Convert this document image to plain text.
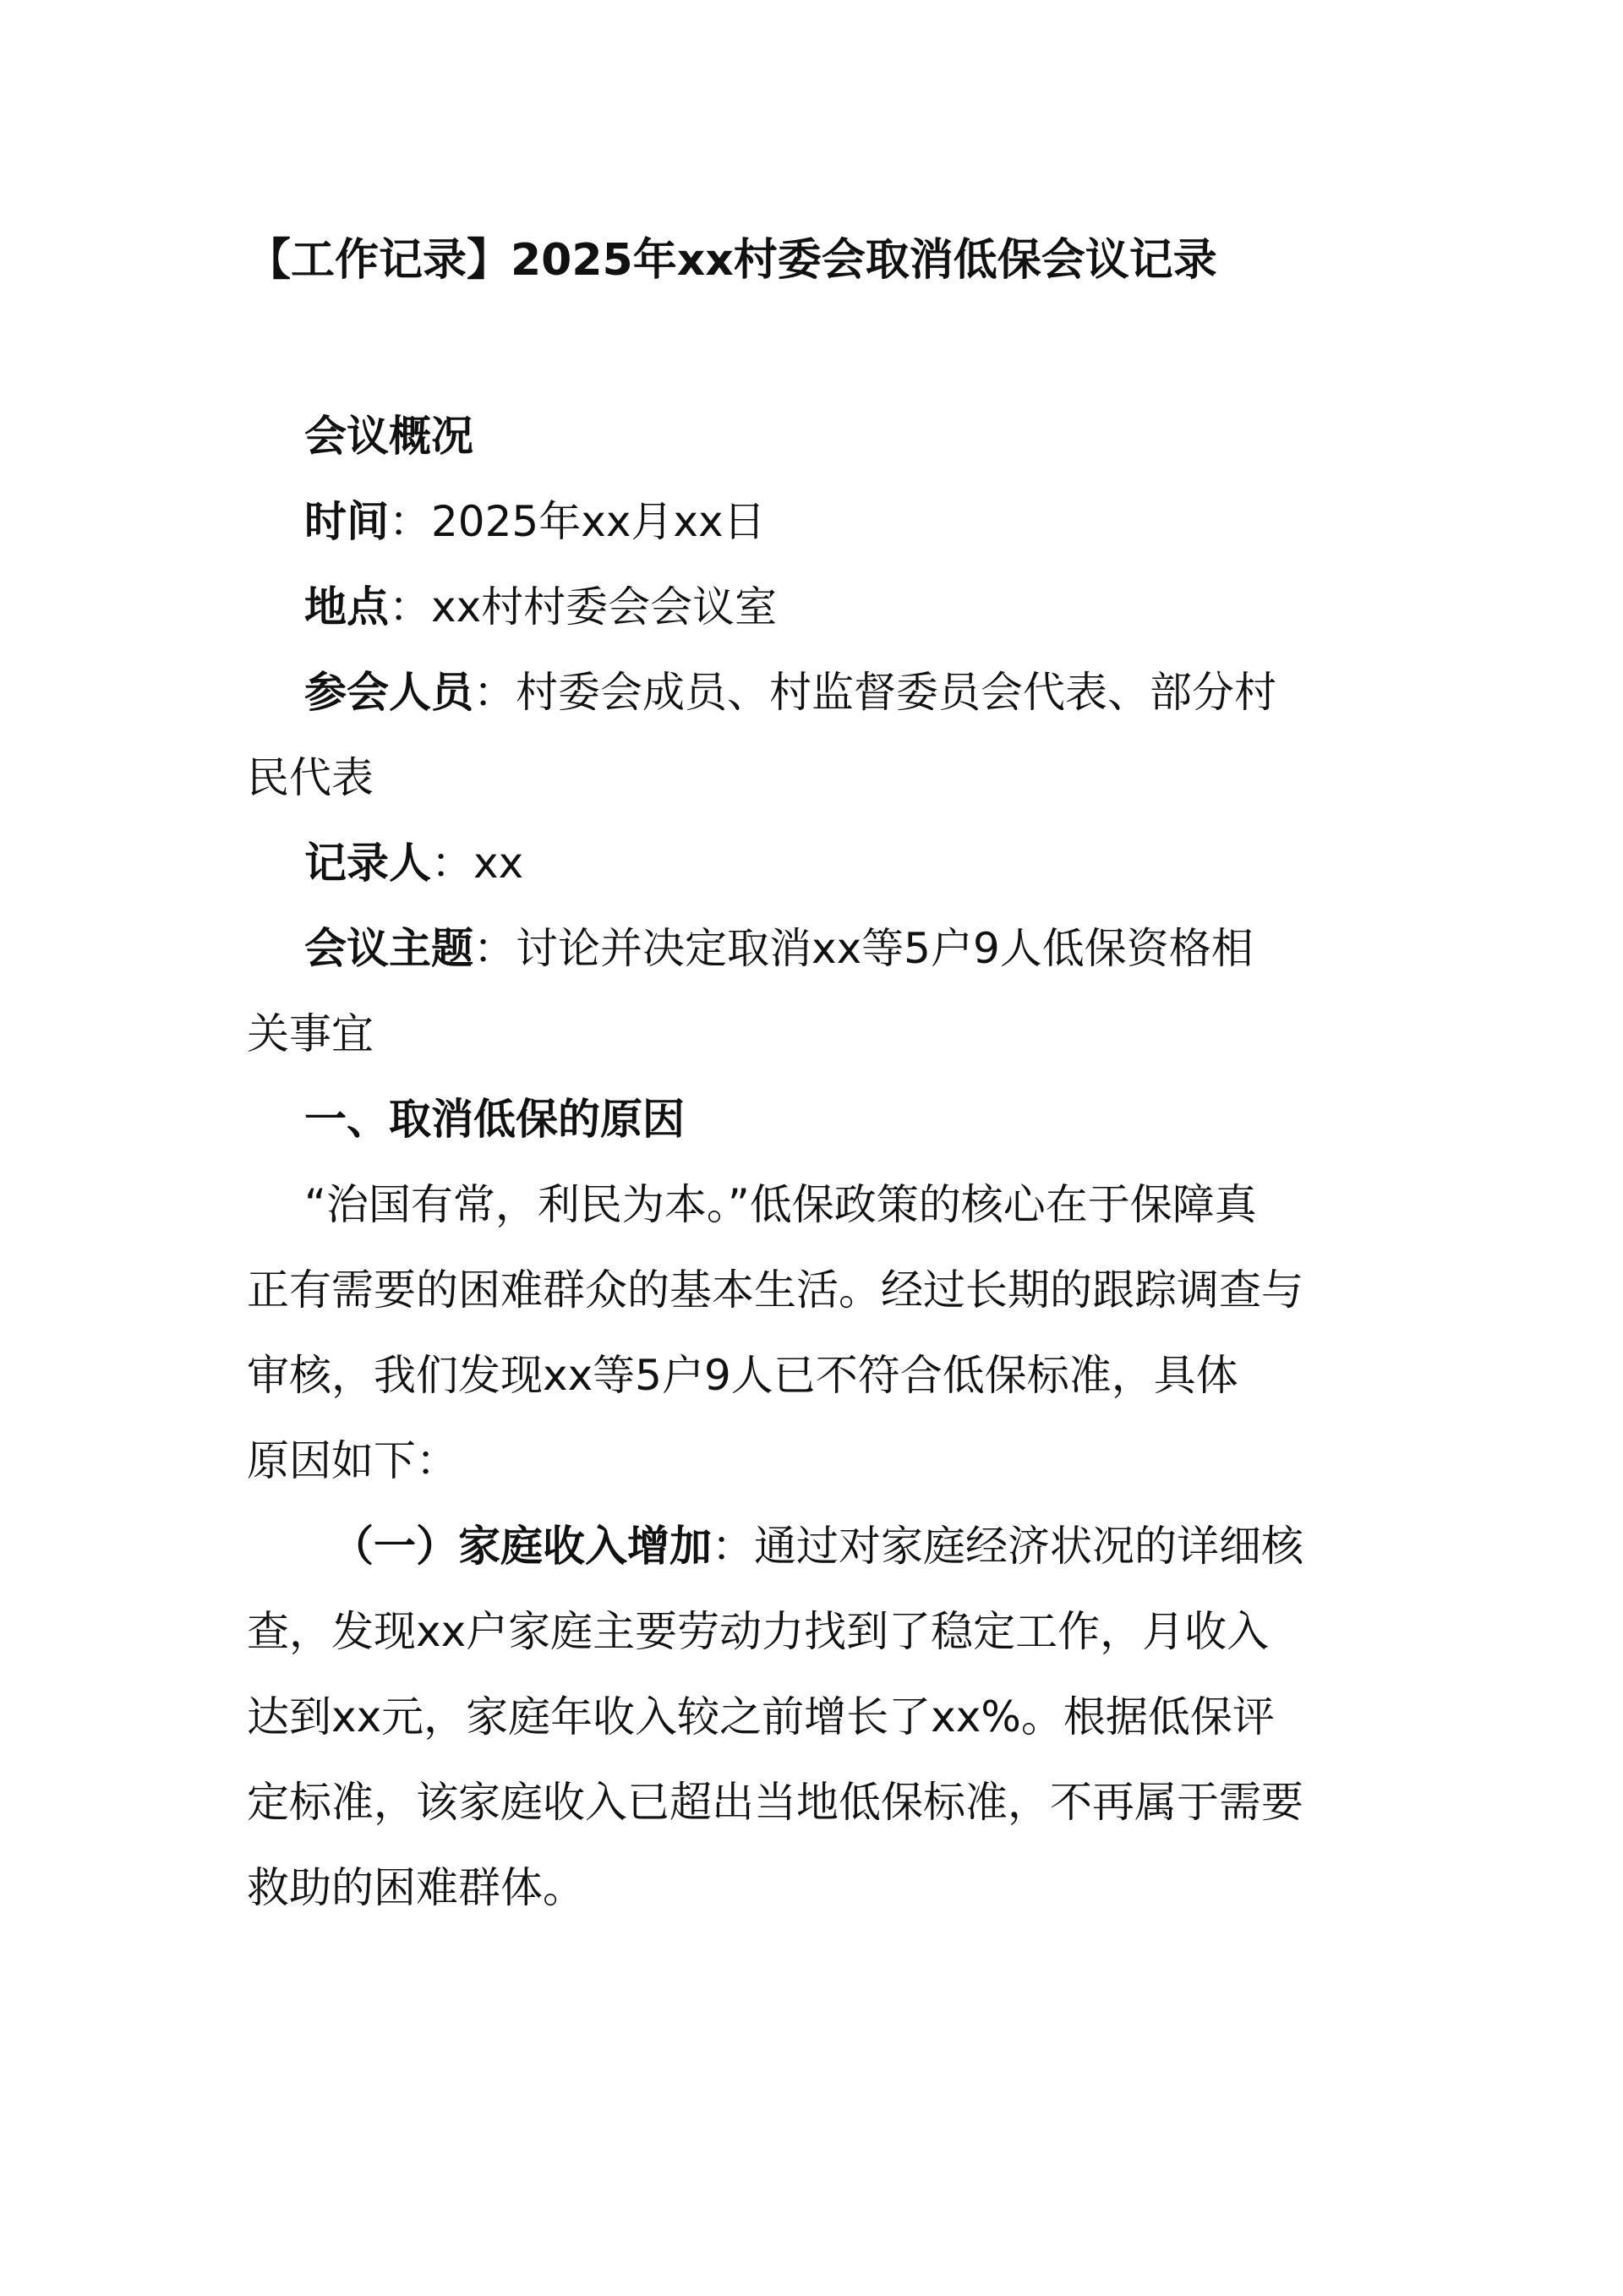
【工作记录】2025年xx村委会取消低保会议记录
会议概况
时间：2025年xx月xx日
地点：xx村村委会会议室
参会人员：村委会成员、村监督委员会代表、部分村
民代表
记录人：xx
会议主题：讨论并决定取消xx等5户9人低保资格相
关事宜
一、取消低保的原因
“治国有常，利民为本。”低保政策的核心在于保障真
正有需要的困难群众的基本生活。经过长期的跟踪调查与
审核，我们发现xx等5户9人已不符合低保标准，具体
原因如下：
（一）家庭收入增加：通过对家庭经济状况的详细核
查，发现xx户家庭主要劳动力找到了稳定工作，月收入
达到xx元，家庭年收入较之前增长了xx%。根据低保评
定标准，该家庭收入已超出当地低保标准，不再属于需要
救助的困难群体。
